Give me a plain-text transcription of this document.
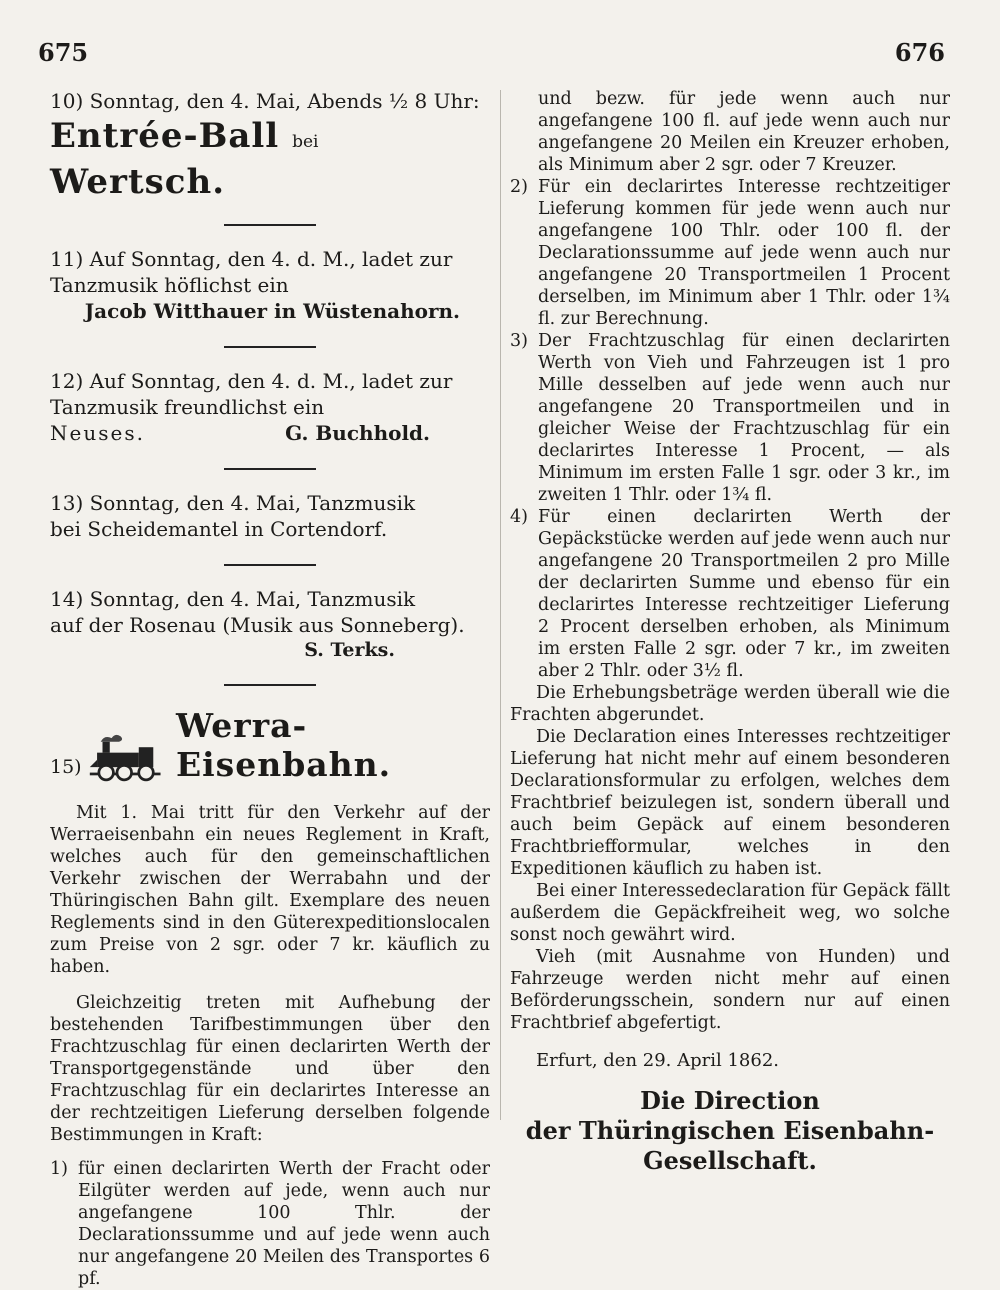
675	676

10) Sonntag, den 4. Mai, Abends ½ 8 Uhr:

Entrée-Ball bei Wertsch.

11) Auf Sonntag, den 4. d. M., ladet zur

Tanzmusik höflichst ein

Jacob Witthauer in Wüstenahorn.

12) Auf Sonntag, den 4. d. M., ladet zur

Tanzmusik freundlichst ein

Neuses.	G. Buchhold.

13) Sonntag, den 4. Mai, Tanzmusik

bei Scheidemantel in Cortendorf.

14) Sonntag, den 4. Mai, Tanzmusik

auf der Rosenau (Musik aus Sonneberg).

S. Terks.

15)
Werra-Eisenbahn.

Mit 1. Mai tritt für den Verkehr auf der Werraeisenbahn ein neues Reglement in Kraft, welches auch für den gemeinschaftlichen Verkehr zwischen der Werrabahn und der Thüringischen Bahn gilt. Exemplare des neuen Reglements sind in den Güterexpeditionslocalen zum Preise von 2 sgr. oder 7 kr. käuflich zu haben.

Gleichzeitig treten mit Aufhebung der bestehenden Tarifbestimmungen über den Frachtzuschlag für einen declarirten Werth der Transportgegenstände und über den Frachtzuschlag für ein declarirtes Interesse an der rechtzeitigen Lieferung derselben folgende Bestimmungen in Kraft:

1) für einen declarirten Werth der Fracht oder Eilgüter werden auf jede, wenn auch nur angefangene 100 Thlr. der Declarationssumme und auf jede wenn auch nur angefangene 20 Meilen des Transportes 6 pf.

und bezw. für jede wenn auch nur angefangene 100 fl. auf jede wenn auch nur angefangene 20 Meilen ein Kreuzer erhoben, als Minimum aber 2 sgr. oder 7 Kreuzer.

2) Für ein declarirtes Interesse rechtzeitiger Lieferung kommen für jede wenn auch nur angefangene 100 Thlr. oder 100 fl. der Declarationssumme auf jede wenn auch nur angefangene 20 Transportmeilen 1 Procent derselben, im Minimum aber 1 Thlr. oder 1¾ fl. zur Berechnung.

3) Der Frachtzuschlag für einen declarirten Werth von Vieh und Fahrzeugen ist 1 pro Mille desselben auf jede wenn auch nur angefangene 20 Transportmeilen und in gleicher Weise der Frachtzuschlag für ein declarirtes Interesse 1 Procent, — als Minimum im ersten Falle 1 sgr. oder 3 kr., im zweiten 1 Thlr. oder 1¾ fl.

4) Für einen declarirten Werth der Gepäckstücke werden auf jede wenn auch nur angefangene 20 Transportmeilen 2 pro Mille der declarirten Summe und ebenso für ein declarirtes Interesse rechtzeitiger Lieferung 2 Procent derselben erhoben, als Minimum im ersten Falle 2 sgr. oder 7 kr., im zweiten aber 2 Thlr. oder 3½ fl.

Die Erhebungsbeträge werden überall wie die Frachten abgerundet.

Die Declaration eines Interesses rechtzeitiger Lieferung hat nicht mehr auf einem besonderen Declarationsformular zu erfolgen, welches dem Frachtbrief beizulegen ist, sondern überall und auch beim Gepäck auf einem besonderen Frachtbriefformular, welches in den Expeditionen käuflich zu haben ist.

Bei einer Interessedeclaration für Gepäck fällt außerdem die Gepäckfreiheit weg, wo solche sonst noch gewährt wird.

Vieh (mit Ausnahme von Hunden) und Fahrzeuge werden nicht mehr auf einen Beförderungsschein, sondern nur auf einen Frachtbrief abgefertigt.

Erfurt, den 29. April 1862.

Die Direction
der Thüringischen Eisenbahn-
Gesellschaft.
